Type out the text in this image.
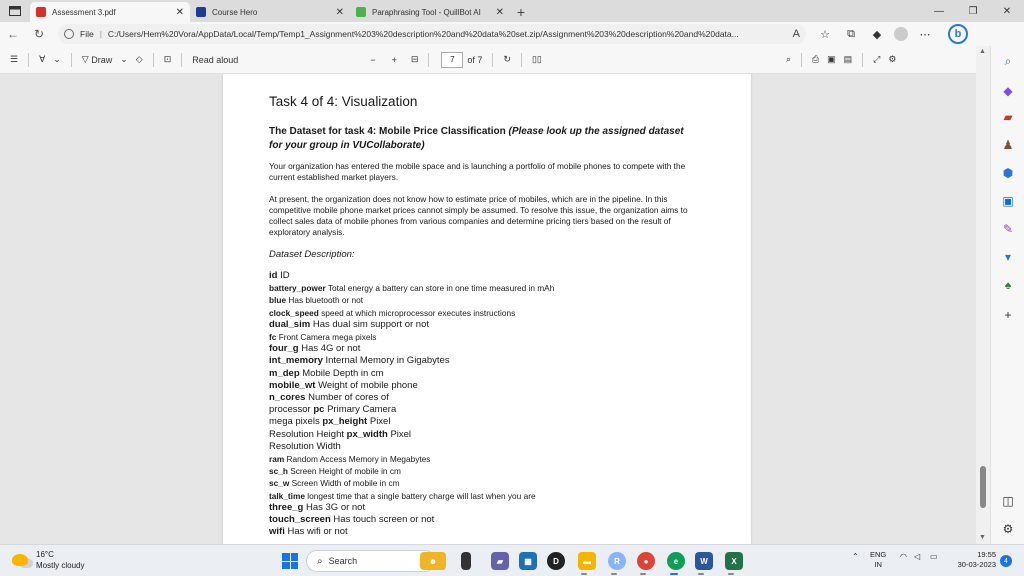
Assessment 3.pdf	✕	Course Hero	✕	Paraphrasing Tool - QuillBot AI	✕ +	—	❐	✕
← ↻	File | C:/Users/Hem%20Vora/AppData/Local/Temp/Temp1_Assignment%203%20description%20and%20data%20set.zip/Assignment%203%20description%20and%20data...	A	☆	⧉	◆	⋯	b
☰ ∀ ⌄ ▽ Draw ⌄ ◇ ⊡ Read aloud	− + ⊟	7	of 7	↻ ▯▯	⌕ ⎙ ▣ ▤ ⤢ ⚙
Task 4 of 4: Visualization
The Dataset for task 4: Mobile Price Classification (Please look up the assigned dataset for your group in VUCollaborate)
Your organization has entered the mobile space and is launching a portfolio of mobile phones to compete with the current established market players.
At present, the organization does not know how to estimate price of mobiles, which are in the pipeline. In this competitive mobile phone market prices cannot simply be assumed. To resolve this issue, the organization aims to collect sales data of mobile phones from various companies and determine pricing tiers based on the result of exploratory analysis.
Dataset Description:
id ID
battery_power Total energy a battery can store in one time measured in mAh
blue Has bluetooth or not
clock_speed speed at which microprocessor executes instructions
dual_sim Has dual sim support or not
fc Front Camera mega pixels
four_g Has 4G or not
int_memory Internal Memory in Gigabytes
m_dep Mobile Depth in cm
mobile_wt Weight of mobile phone
n_cores Number of cores of
processor pc Primary Camera
mega pixels px_height Pixel
Resolution Height px_width Pixel
Resolution Width
ram Random Access Memory in Megabytes
sc_h Screen Height of mobile in cm
sc_w Screen Width of mobile in cm
talk_time longest time that a single battery charge will last when you are
three_g Has 3G or not
touch_screen Has touch screen or not
wifi Has wifi or not
▲
▼
⌕
◆
▰
♟
⬢
▣
✎
▾
♠
+
◫
⚙
16°C
Mostly cloudy	⌕ Search	☻	▰	▦	D	▬	R	●	e	W	X	⌃ ENG
IN
◠ ◁ ▭	19:55
30-03-2023	4
